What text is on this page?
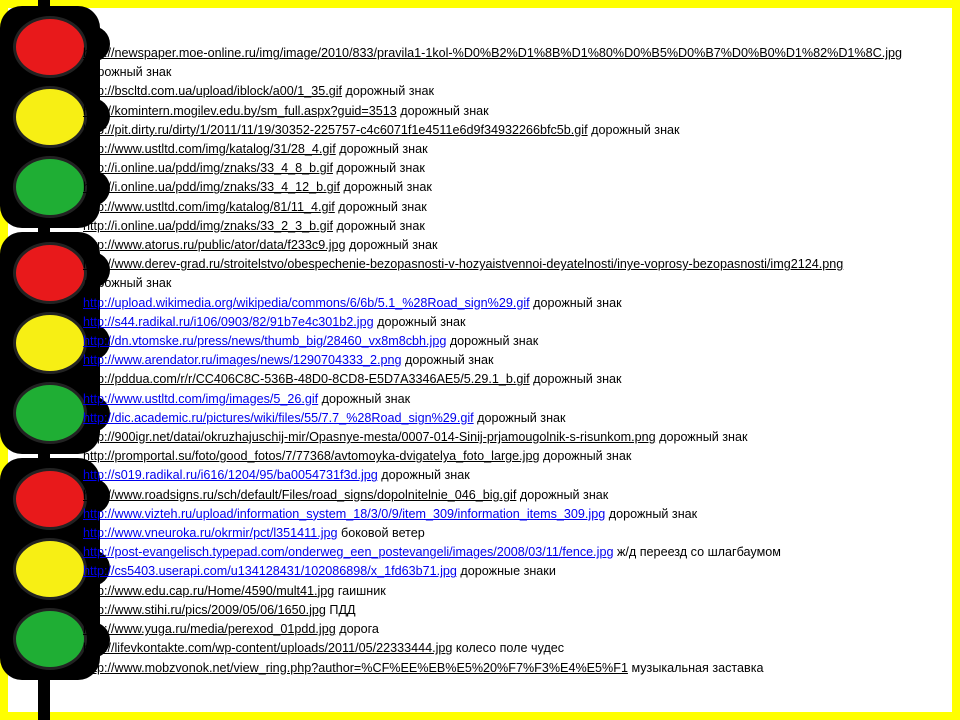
http://newspaper.moe-online.ru/img/image/2010/833/pravila1-1kol-%D0%B2%D1%8B%D1%80%D0%B5%D0%B7%D0%B0%D1%82%D1%8C.jpg
дорожный знак
http://bscltd.com.ua/upload/iblock/a00/1_35.gif дорожный знак
http://komintern.mogilev.edu.by/sm_full.aspx?guid=3513 дорожный знак
http://pit.dirty.ru/dirty/1/2011/11/19/30352-225757-c4c6071f1e4511e6d9f34932266bfc5b.gif дорожный знак
http://www.ustltd.com/img/katalog/31/28_4.gif дорожный знак
http://i.online.ua/pdd/img/znaks/33_4_8_b.gif дорожный знак
http://i.online.ua/pdd/img/znaks/33_4_12_b.gif дорожный знак
http://www.ustltd.com/img/katalog/81/11_4.gif дорожный знак
http://i.online.ua/pdd/img/znaks/33_2_3_b.gif дорожный знак
http://www.atorus.ru/public/ator/data/f233c9.jpg дорожный знак
http://www.derev-grad.ru/stroitelstvo/obespechenie-bezopasnosti-v-hozyaistvennoi-deyatelnosti/inye-voprosy-bezopasnosti/img2124.png
дорожный знак
http://upload.wikimedia.org/wikipedia/commons/6/6b/5.1_%28Road_sign%29.gif дорожный знак
http://s44.radikal.ru/i106/0903/82/91b7e4c301b2.jpg дорожный знак
http://dn.vtomske.ru/press/news/thumb_big/28460_vx8m8cbh.jpg дорожный знак
http://www.arendator.ru/images/news/1290704333_2.png дорожный знак
http://pddua.com/r/r/CC406C8C-536B-48D0-8CD8-E5D7A3346AE5/5.29.1_b.gif дорожный знак
http://www.ustltd.com/img/images/5_26.gif дорожный знак
http://dic.academic.ru/pictures/wiki/files/55/7.7_%28Road_sign%29.gif дорожный знак
http://900igr.net/datai/okruzhajuschij-mir/Opasnye-mesta/0007-014-Sinij-prjamougolnik-s-risunkom.png дорожный знак
http://promportal.su/foto/good_fotos/7/77368/avtomoyka-dvigatelya_foto_large.jpg дорожный знак
http://s019.radikal.ru/i616/1204/95/ba0054731f3d.jpg дорожный знак
http://www.roadsigns.ru/sch/default/Files/road_signs/dopolnitelnie_046_big.gif дорожный знак
http://www.vizteh.ru/upload/information_system_18/3/0/9/item_309/information_items_309.jpg дорожный знак
http://www.vneuroka.ru/okrmir/pct/l351411.jpg боковой ветер
http://post-evangelisch.typepad.com/onderweg_een_postevangeli/images/2008/03/11/fence.jpg ж/д переезд со шлагбаумом
http://cs5403.userapi.com/u134128431/102086898/x_1fd63b71.jpg дорожные знаки
http://www.edu.cap.ru/Home/4590/mult41.jpg гаишник
http://www.stihi.ru/pics/2009/05/06/1650.jpg ПДД
http://www.yuga.ru/media/perexod_01pdd.jpg дорога
http://lifevkontakte.com/wp-content/uploads/2011/05/22333444.jpg колесо поле чудес
http://www.mobzvonok.net/view_ring.php?author=%CF%EE%EB%E5%20%F7%F3%E4%E5%F1 музыкальная заставка
